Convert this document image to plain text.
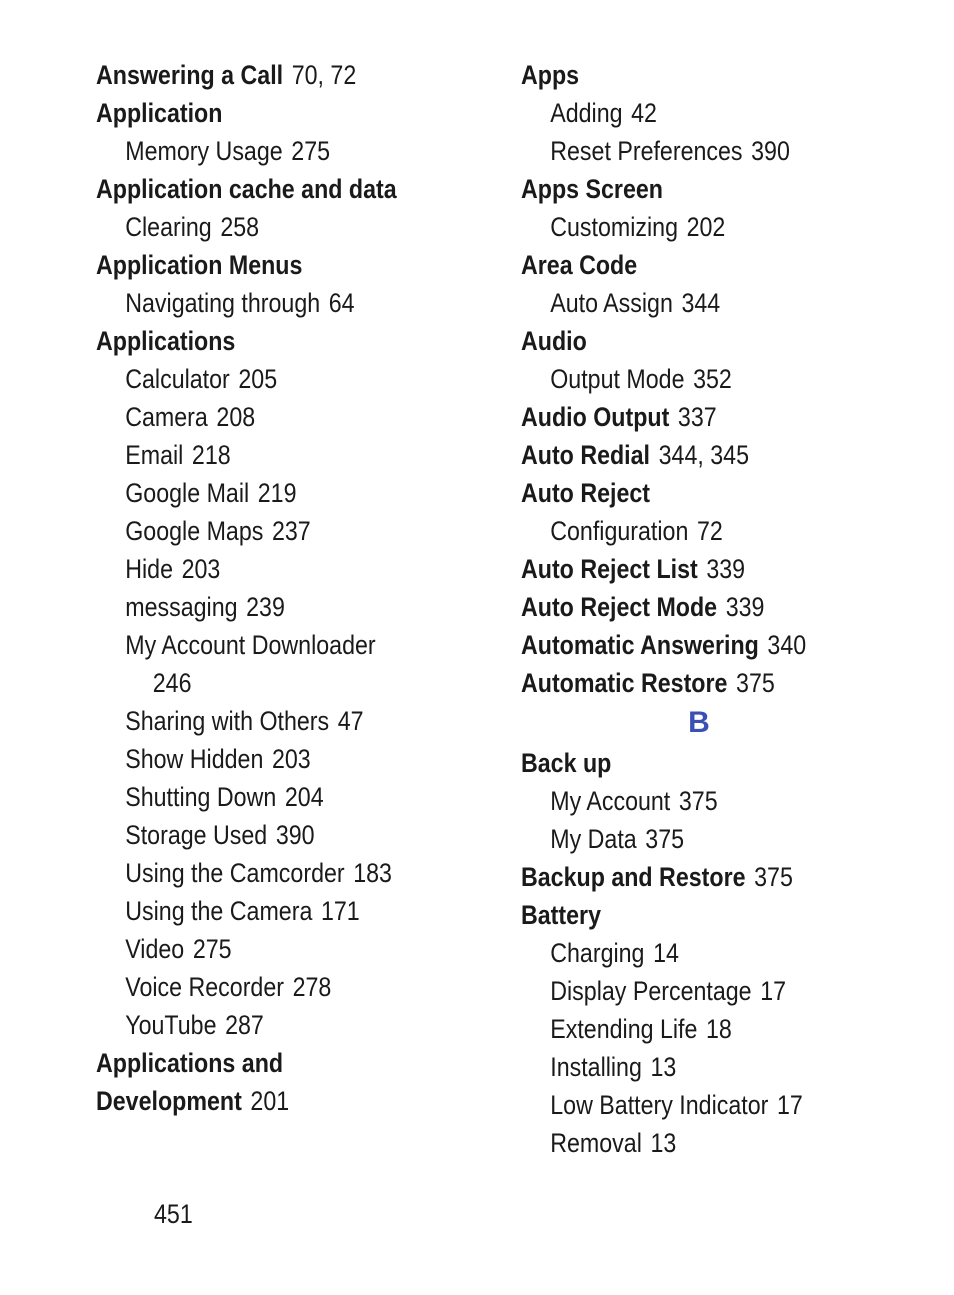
Answering a Call 70, 72
Application
Memory Usage 275
Application cache and data
Clearing 258
Application Menus
Navigating through 64
Applications
Calculator 205
Camera 208
Email 218
Google Mail 219
Google Maps 237
Hide 203
messaging 239
My Account Downloader
246
Sharing with Others 47
Show Hidden 203
Shutting Down 204
Storage Used 390
Using the Camcorder 183
Using the Camera 171
Video 275
Voice Recorder 278
YouTube 287
Applications and
Development 201
Apps
Adding 42
Reset Preferences 390
Apps Screen
Customizing 202
Area Code
Auto Assign 344
Audio
Output Mode 352
Audio Output 337
Auto Redial 344, 345
Auto Reject
Configuration 72
Auto Reject List 339
Auto Reject Mode 339
Automatic Answering 340
Automatic Restore 375
B
Back up
My Account 375
My Data 375
Backup and Restore 375
Battery
Charging 14
Display Percentage 17
Extending Life 18
Installing 13
Low Battery Indicator 17
Removal 13
451
